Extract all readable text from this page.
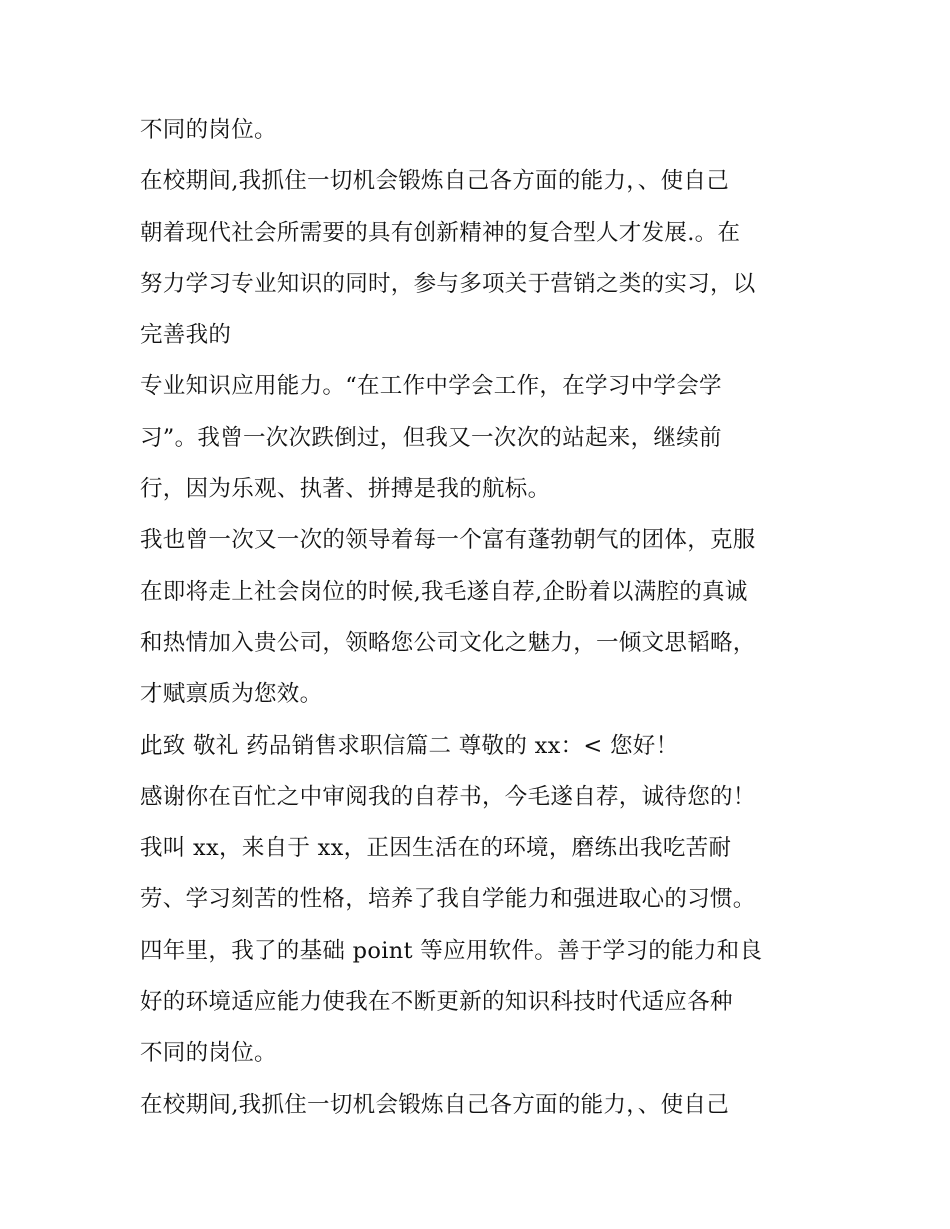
不同的岗位。
在校期间,我抓住一切机会锻炼自己各方面的能力，、使自己
朝着现代社会所需要的具有创新精神的复合型人才发展.。在
努力学习专业知识的同时，参与多项关于营销之类的实习，以
完善我的
专业知识应用能力。“在工作中学会工作，在学习中学会学
习”。我曾一次次跌倒过，但我又一次次的站起来，继续前
行，因为乐观、执著、拼搏是我的航标。
我也曾一次又一次的领导着每一个富有蓬勃朝气的团体，克服
在即将走上社会岗位的时候,我毛遂自荐,企盼着以满腔的真诚
和热情加入贵公司，领略您公司文化之魅力，一倾文思韬略，
才赋禀质为您效。
此致 敬礼 药品销售求职信篇二 尊敬的 xx：< 您好！
感谢你在百忙之中审阅我的自荐书，今毛遂自荐，诚待您的！
我叫 xx，来自于 xx，正因生活在的环境，磨练出我吃苦耐
劳、学习刻苦的性格，培养了我自学能力和强进取心的习惯。
四年里，我了的基础 point 等应用软件。善于学习的能力和良
好的环境适应能力使我在不断更新的知识科技时代适应各种
不同的岗位。
在校期间,我抓住一切机会锻炼自己各方面的能力，、使自己
